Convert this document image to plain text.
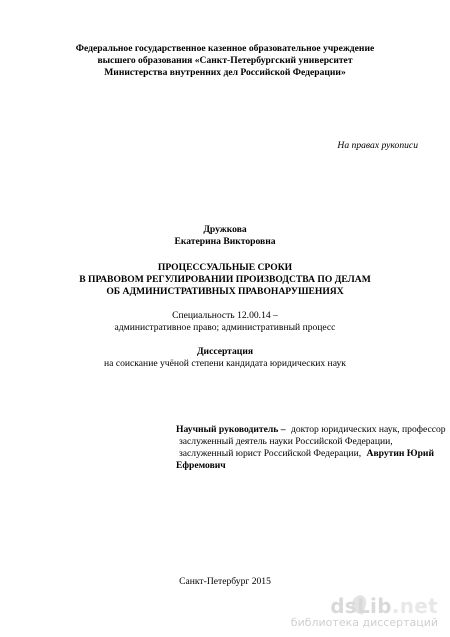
Федеральное государственное казенное образовательное учреждение
высшего образования «Санкт-Петербургский университет
Министерства внутренних дел Российской Федерации»
На правах рукописи
Дружкова
Екатерина Викторовна
ПРОЦЕССУАЛЬНЫЕ СРОКИ
В ПРАВОВОМ РЕГУЛИРОВАНИИ ПРОИЗВОДСТВА ПО ДЕЛАМ
ОБ АДМИНИСТРАТИВНЫХ ПРАВОНАРУШЕНИЯХ
Специальность 12.00.14 –
административное право; административный процесс
Диссертация
на соискание учёной степени кандидата юридических наук
Научный руководитель – доктор юридических наук, профессор заслуженный деятель науки Российской Федерации, заслуженный юрист Российской Федерации, Аврутин Юрий Ефремович
Санкт-Петербург 2015
dsLib.net
библиотека диссертаций
